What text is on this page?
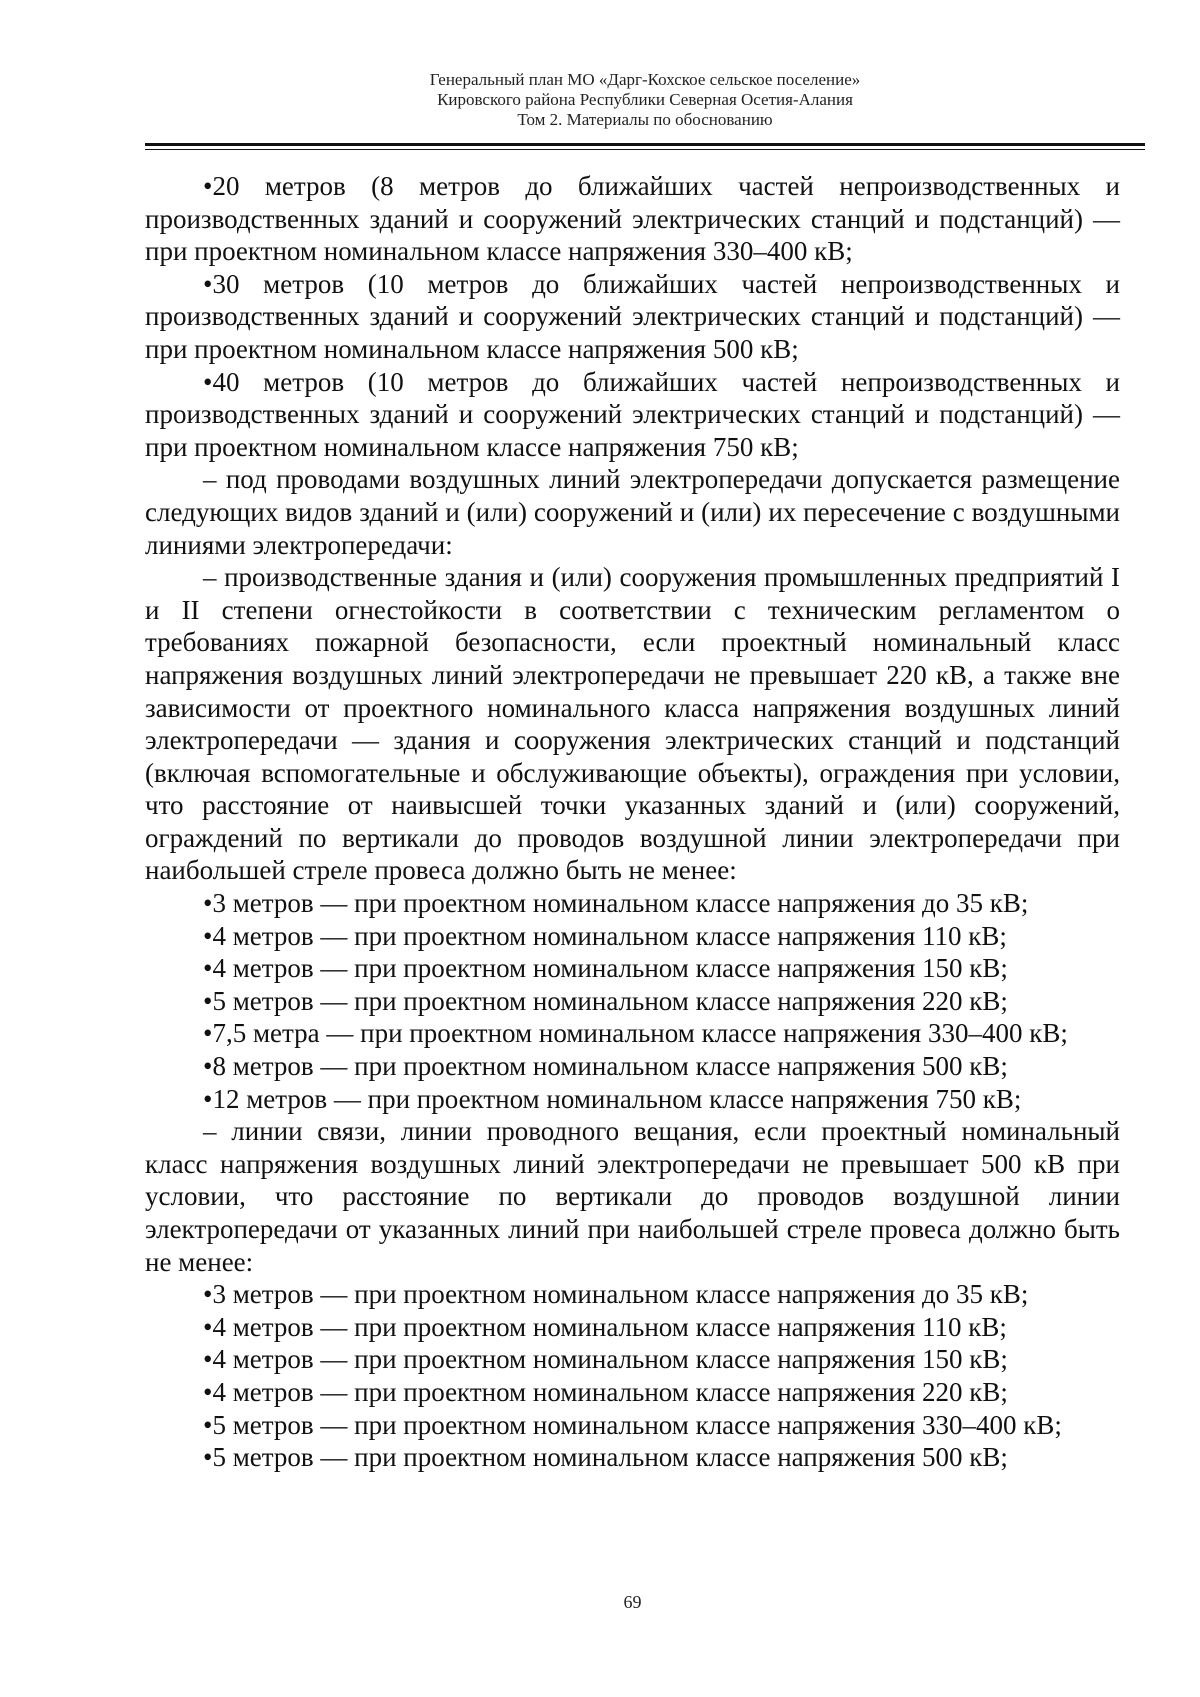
Генеральный план МО «Дарг-Кохское сельское поселение»
Кировского района Республики Северная Осетия-Алания
Том 2. Материалы по обоснованию

•20 метров (8 метров до ближайших частей непроизводственных и производственных зданий и сооружений электрических станций и подстанций) — при проектном номинальном классе напряжения 330–400 кВ;

•30 метров (10 метров до ближайших частей непроизводственных и производственных зданий и сооружений электрических станций и подстанций) — при проектном номинальном классе напряжения 500 кВ;

•40 метров (10 метров до ближайших частей непроизводственных и производственных зданий и сооружений электрических станций и подстанций) — при проектном номинальном классе напряжения 750 кВ;

– под проводами воздушных линий электропередачи допускается размещение следующих видов зданий и (или) сооружений и (или) их пересечение с воздушными линиями электропередачи:

– производственные здания и (или) сооружения промышленных предприятий I и II степени огнестойкости в соответствии с техническим регламентом о требованиях пожарной безопасности, если проектный номинальный класс напряжения воздушных линий электропередачи не превышает 220 кВ, а также вне зависимости от проектного номинального класса напряжения воздушных линий электропередачи — здания и сооружения электрических станций и подстанций (включая вспомогательные и обслуживающие объекты), ограждения при условии, что расстояние от наивысшей точки указанных зданий и (или) сооружений, ограждений по вертикали до проводов воздушной линии электропередачи при наибольшей стреле провеса должно быть не менее:

•3 метров — при проектном номинальном классе напряжения до 35 кВ;

•4 метров — при проектном номинальном классе напряжения 110 кВ;

•4 метров — при проектном номинальном классе напряжения 150 кВ;

•5 метров — при проектном номинальном классе напряжения 220 кВ;

•7,5 метра — при проектном номинальном классе напряжения 330–400 кВ;

•8 метров — при проектном номинальном классе напряжения 500 кВ;

•12 метров — при проектном номинальном классе напряжения 750 кВ;

– линии связи, линии проводного вещания, если проектный номинальный класс напряжения воздушных линий электропередачи не превышает 500 кВ при условии, что расстояние по вертикали до проводов воздушной линии электропередачи от указанных линий при наибольшей стреле провеса должно быть не менее:

•3 метров — при проектном номинальном классе напряжения до 35 кВ;

•4 метров — при проектном номинальном классе напряжения 110 кВ;

•4 метров — при проектном номинальном классе напряжения 150 кВ;

•4 метров — при проектном номинальном классе напряжения 220 кВ;

•5 метров — при проектном номинальном классе напряжения 330–400 кВ;

•5 метров — при проектном номинальном классе напряжения 500 кВ;

69
